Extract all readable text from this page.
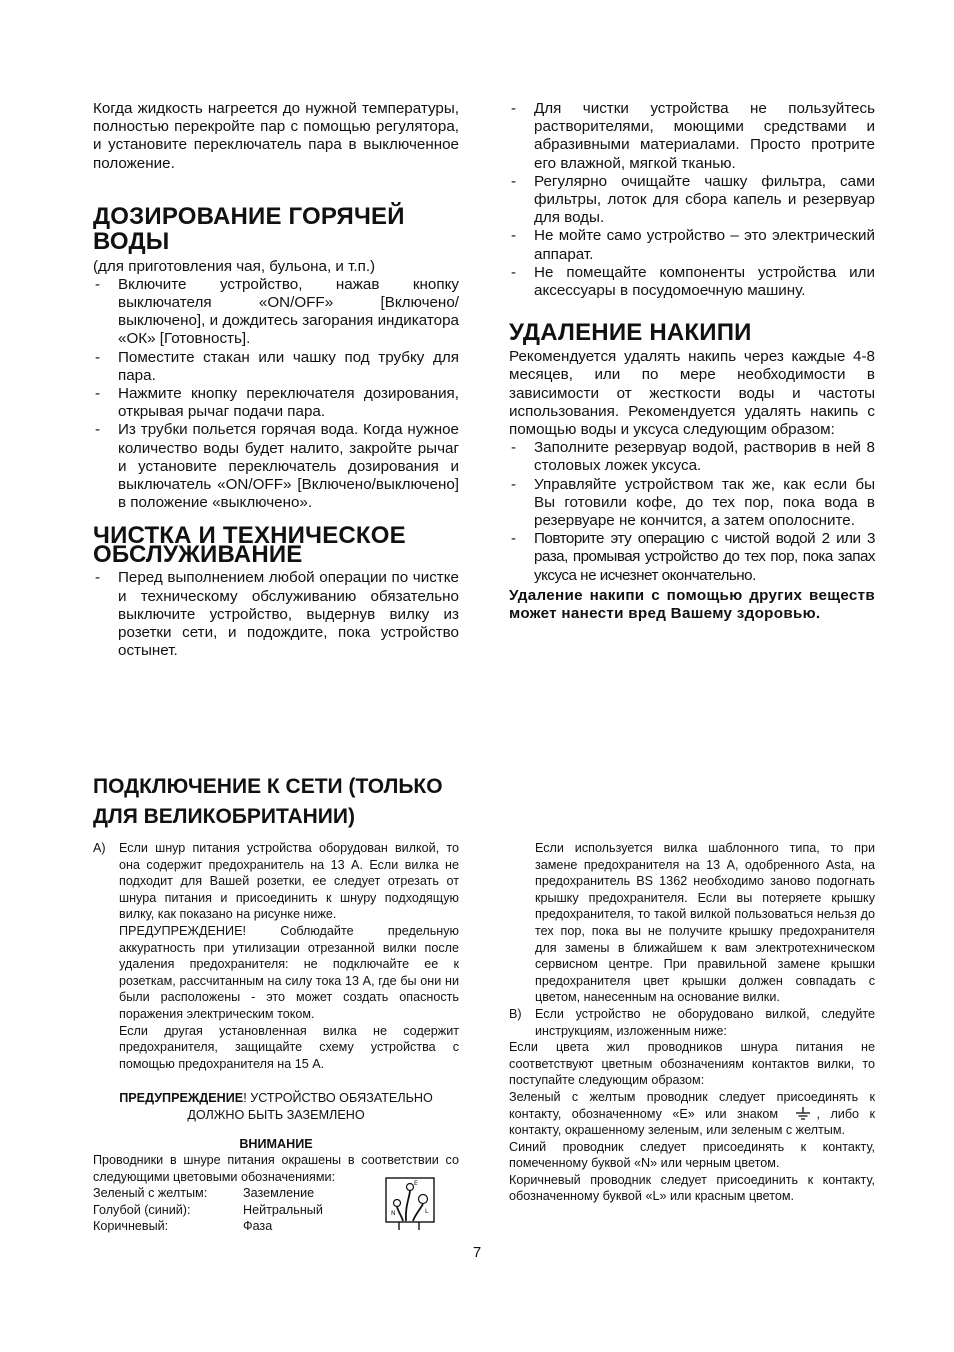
Когда жидкость нагреется до нужной температуры, полностью перекройте пар с помощью регулятора, и установите переключатель пара в выключенное положение.

ДОЗИРОВАНИЕ ГОРЯЧЕЙ ВОДЫ

(для приготовления чая, бульона, и т.п.)

- Включите устройство, нажав кнопку выключателя «ON/OFF» [Включено/выключено], и дождитесь загорания индикатора «ОК» [Готовность].
- Поместите стакан или чашку под трубку для пара.
- Нажмите кнопку переключателя дозирования, открывая рычаг подачи пара.
- Из трубки польется горячая вода. Когда нужное количество воды будет налито, закройте рычаг и установите переключатель дозирования и выключатель «ON/OFF» [Включено/выключено] в положение «выключено».
ЧИСТКА И ТЕХНИЧЕСКОЕ ОБСЛУЖИВАНИЕ
- Перед выполнением любой операции по чистке и техническому обслуживанию обязательно выключите устройство, выдернув вилку из розетки сети, и подождите, пока устройство остынет.
- Для чистки устройства не пользуйтесь растворителями, моющими средствами и абразивными материалами. Просто протрите его влажной, мягкой тканью.
- Регулярно очищайте чашку фильтра, сами фильтры, лоток для сбора капель и резервуар для воды.
- Не мойте само устройство – это электрический аппарат.
- Не помещайте компоненты устройства или аксессуары в посудомоечную машину.
УДАЛЕНИЕ НАКИПИ

Рекомендуется удалять накипь через каждые 4-8 месяцев, или по мере необходимости в зависимости от жесткости воды и частоты использования. Рекомендуется удалять накипь с помощью воды и уксуса следующим образом:

- Заполните резервуар водой, растворив в ней 8 столовых ложек уксуса.
- Управляйте устройством так же, как если бы Вы готовили кофе, до тех пор, пока вода в резервуаре не кончится, а затем ополосните.
- Повторите эту операцию с чистой водой 2 или 3 раза, промывая устройство до тех пор, пока запах уксуса не исчезнет окончательно.

Удаление накипи с помощью других веществ может нанести вред Вашему здоровью.

ПОДКЛЮЧЕНИЕ К СЕТИ (ТОЛЬКО
ДЛЯ ВЕЛИКОБРИТАНИИ)
A) Если шнур питания устройства оборудован вилкой, то она содержит предохранитель на 13 А. Если вилка не подходит для Вашей розетки, ее следует отрезать от шнура питания и присоединить к шнуру подходящую вилку, как показано на рисунке ниже.

ПРЕДУПРЕЖДЕНИЕ! Соблюдайте предельную аккуратность при утилизации отрезанной вилки после удаления предохранителя: не подключайте ее к розеткам, рассчитанным на силу тока 13 А, где бы они ни были расположены - это может создать опасность поражения электрическим током.

Если другая установленная вилка не содержит предохранителя, защищайте схему устройства с помощью предохранителя на 15 А.

ПРЕДУПРЕЖДЕНИЕ! УСТРОЙСТВО ОБЯЗАТЕЛЬНО ДОЛЖНО БЫТЬ ЗАЗЕМЛЕНО

ВНИМАНИЕ

Проводники в шнуре питания окрашены в соответствии со следующими цветовыми обозначениями:

Зеленый с желтым:	Заземление
Голубой (синий):	Нейтральный
Коричневый:	Фаза
N	L
E

Если используется вилка шаблонного типа, то при замене предохранителя на 13 А, одобренного Asta, на предохранитель BS 1362 необходимо заново подогнать крышку предохранителя. Если вы потеряете крышку предохранителя, то такой вилкой пользоваться нельзя до тех пор, пока вы не получите крышку предохранителя для замены в ближайшем к вам электротехническом сервисном центре. При правильной замене крышки предохранителя цвет крышки должен совпадать с цветом, нанесенным на основание вилки.

B) Если устройство не оборудовано вилкой, следуйте инструкциям, изложенным ниже:

Если цвета жил проводников шнура питания не соответствуют цветным обозначениям контактов вилки, то поступайте следующим образом:

Зеленый с желтым проводник следует присоединять к контакту, обозначенному «E» или знаком	, либо к контакту, окрашенному зеленым, или зеленым с желтым.

Синий проводник следует присоединять к контакту, помеченному буквой «N» или черным цветом.

Коричневый проводник следует присоединить к контакту, обозначенному буквой «L» или красным цветом.

7
